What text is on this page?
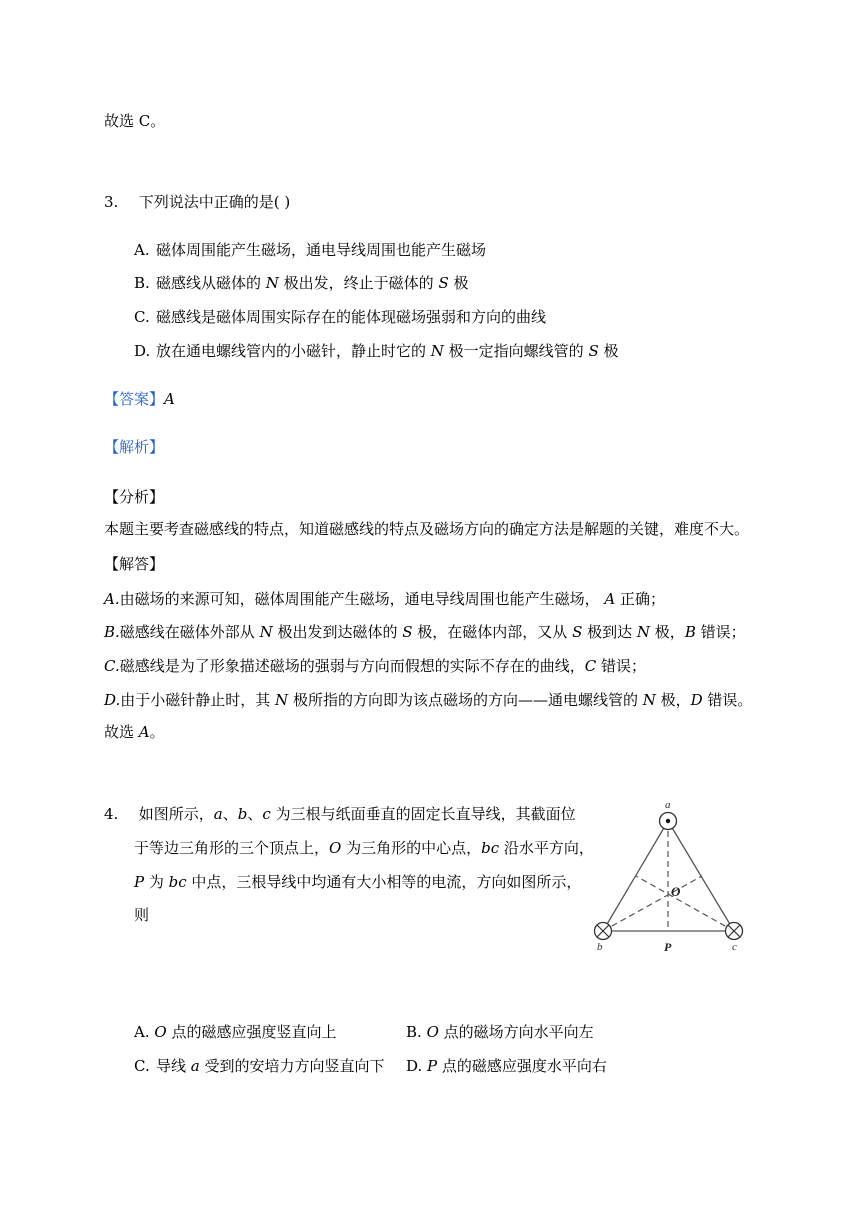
故选 C。
3. 下列说法中正确的是( )
A. 磁体周围能产生磁场，通电导线周围也能产生磁场
B. 磁感线从磁体的 N 极出发，终止于磁体的 S 极
C. 磁感线是磁体周围实际存在的能体现磁场强弱和方向的曲线
D. 放在通电螺线管内的小磁针，静止时它的 N 极一定指向螺线管的 S 极
【答案】A
【解析】
【分析】
本题主要考查磁感线的特点，知道磁感线的特点及磁场方向的确定方法是解题的关键，难度不大。
【解答】
A.由磁场的来源可知，磁体周围能产生磁场，通电导线周围也能产生磁场， A 正确；
B.磁感线在磁体外部从 N 极出发到达磁体的 S 极，在磁体内部，又从 S 极到达 N 极，B 错误；
C.磁感线是为了形象描述磁场的强弱与方向而假想的实际不存在的曲线，C 错误；
D.由于小磁针静止时，其 N 极所指的方向即为该点磁场的方向——通电螺线管的 N 极，D 错误。
故选 A。
4. 如图所示，a、b、c 为三根与纸面垂直的固定长直导线，其截面位
于等边三角形的三个顶点上，O 为三角形的中心点，bc 沿水平方向，
P 为 bc 中点，三根导线中均通有大小相等的电流，方向如图所示，
则
a
b	c
O
P
A. O 点的磁感应强度竖直向上	B. O 点的磁场方向水平向左
C. 导线 a 受到的安培力方向竖直向下 D. P 点的磁感应强度水平向右
